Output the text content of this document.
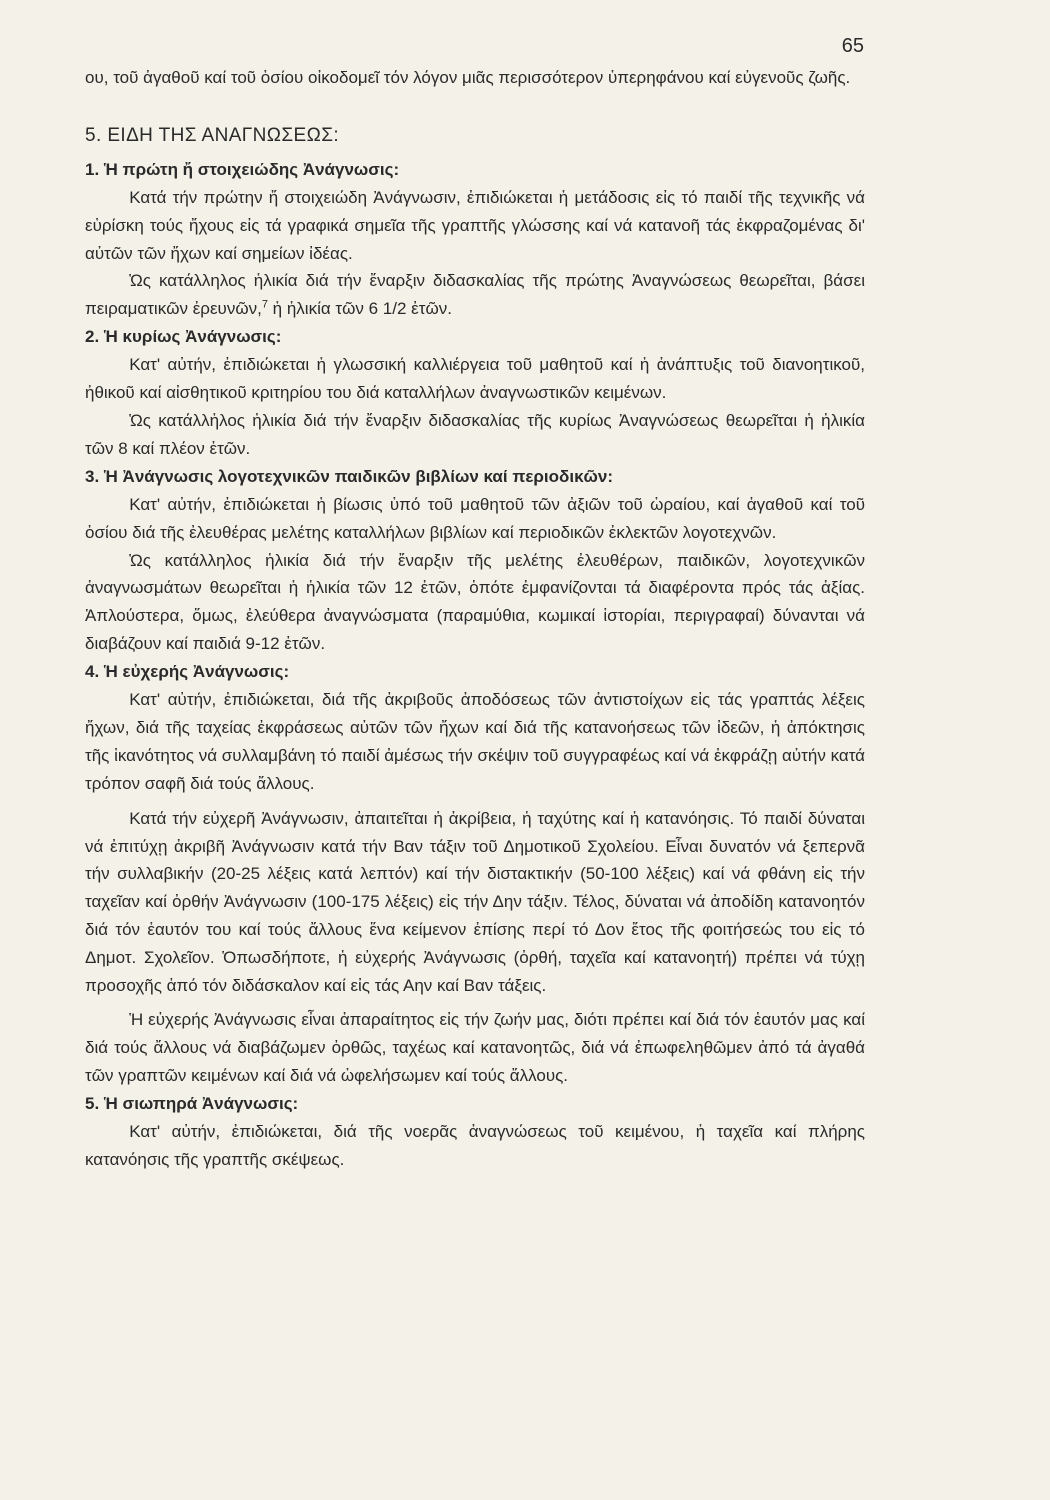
65

ου, τοῦ ἀγαθοῦ καί τοῦ ὁσίου οἰκοδομεῖ τόν λόγον μιᾶς περισσότερον ὑπερηφάνου καί εὐγενοῦς ζωῆς.

5. ΕΙΔΗ ΤΗΣ ΑΝΑΓΝΩΣΕΩΣ:
1. Ἡ πρώτη ἤ στοιχειώδης Ἀνάγνωσις:

Κατά τήν πρώτην ἤ στοιχειώδη Ἀνάγνωσιν, ἐπιδιώκεται ἡ μετάδοσις εἰς τό παιδί τῆς τεχνικῆς νά εὑρίσκη τούς ἤχους εἰς τά γραφικά σημεῖα τῆς γραπτῆς γλώσσης καί νά κατανοῆ τάς ἐκφραζομένας δι' αὐτῶν τῶν ἤχων καί σημείων ἰδέας.

Ὡς κατάλληλος ἡλικία διά τήν ἔναρξιν διδασκαλίας τῆς πρώτης Ἀναγνώσεως θεωρεῖται, βάσει πειραματικῶν ἐρευνῶν,$^7$ ἡ ἡλικία τῶν 6 1/2 ἐτῶν.

2. Ἡ κυρίως Ἀνάγνωσις:

Κατ' αὐτήν, ἐπιδιώκεται ἡ γλωσσική καλλιέργεια τοῦ μαθητοῦ καί ἡ ἀνάπτυξις τοῦ διανοητικοῦ, ἠθικοῦ καί αἰσθητικοῦ κριτηρίου του διά καταλλήλων ἀναγνωστικῶν κειμένων.

Ὡς κατάλλἠλος ἡλικία διά τήν ἔναρξιν διδασκαλίας τῆς κυρίως Ἀναγνώσεως θεωρεῖται ἡ ἡλικία τῶν 8 καί πλέον ἐτῶν.

3. Ἡ Ἀνάγνωσις λογοτεχνικῶν παιδικῶν βιβλίων καί περιοδικῶν:

Κατ' αὐτήν, ἐπιδιώκεται ἡ βίωσις ὑπό τοῦ μαθητοῦ τῶν ἀξιῶν τοῦ ὡραίου, καί ἀγαθοῦ καί τοῦ ὁσίου διά τῆς ἐλευθέρας μελέτης καταλλήλων βιβλίων καί περιοδικῶν ἐκλεκτῶν λογοτεχνῶν.

Ὡς κατάλληλος ἡλικία διά τήν ἔναρξιν τῆς μελέτης ἐλευθέρων, παιδικῶν, λογοτεχνικῶν ἀναγνωσμάτων θεωρεῖται ἡ ἡλικία τῶν 12 ἐτῶν, ὁπότε ἐμφανίζονται τά διαφέροντα πρός τάς ἀξίας. Ἁπλούστερα, ὅμως, ἐλεύθερα ἀναγνώσματα (παραμύθια, κωμικαί ἱστορίαι, περιγραφαί) δύνανται νά διαβάζουν καί παιδιά 9-12 ἐτῶν.

4. Ἡ εὐχερής Ἀνάγνωσις:

Κατ' αὐτήν, ἐπιδιώκεται, διά τῆς ἀκριβοῦς ἀποδόσεως τῶν ἀντιστοίχων εἰς τάς γραπτάς λέξεις ἤχων, διά τῆς ταχείας ἐκφράσεως αὐτῶν τῶν ἤχων καί διά τῆς κατανοήσεως τῶν ἰδεῶν, ἡ ἀπόκτησις τῆς ἱκανότητος νά συλλαμβάνη τό παιδί ἀμέσως τήν σκέψιν τοῦ συγγραφέως καί νά ἐκφράζῃ αὐτήν κατά τρόπον σαφῆ διά τούς ἄλλους.

Κατά τήν εὐχερῆ Ἀνάγνωσιν, ἀπαιτεῖται ἡ ἀκρίβεια, ἡ ταχύτης καί ἡ κατανόησις. Τό παιδί δύναται νά ἐπιτύχῃ ἀκριβῆ Ἀνάγνωσιν κατά τήν Βαν τάξιν τοῦ Δημοτικοῦ Σχολείου. Εἶναι δυνατόν νά ξεπερνᾶ τήν συλλαβικήν (20-25 λέξεις κατά λεπτόν) καί τήν διστακτικήν (50-100 λέξεις) καί νά φθάνη εἰς τήν ταχεῖαν καί ὀρθήν Ἀνάγνωσιν (100-175 λέξεις) εἰς τήν Δην τάξιν. Τέλος, δύναται νά ἀποδίδη κατανοητόν διά τόν ἑαυτόν του καί τούς ἄλλους ἕνα κείμενον ἐπίσης περί τό Δον ἔτος τῆς φοιτήσεώς του εἰς τό Δημοτ. Σχολεῖον. Ὁπωσδήποτε, ἡ εὐχερής Ἀνάγνωσις (ὀρθή, ταχεῖα καί κατανοητή) πρέπει νά τύχῃ προσοχῆς ἀπό τόν διδάσκαλον καί εἰς τάς Αην καί Βαν τάξεις.

Ἡ εὐχερής Ἀνάγνωσις εἶναι ἀπαραίτητος εἰς τήν ζωήν μας, διότι πρέπει καί διά τόν ἑαυτόν μας καί διά τούς ἄλλους νά διαβάζωμεν ὀρθῶς, ταχέως καί κατανοητῶς, διά νά ἐπωφεληθῶμεν ἀπό τά ἀγαθά τῶν γραπτῶν κειμένων καί διά νά ὠφελήσωμεν καί τούς ἄλλους.

5. Ἡ σιωπηρά Ἀνάγνωσις:

Κατ' αὐτήν, ἐπιδιώκεται, διά τῆς νοερᾶς ἀναγνώσεως τοῦ κειμένου, ἡ ταχεῖα καί πλήρης κατανόησις τῆς γραπτῆς σκέψεως.
